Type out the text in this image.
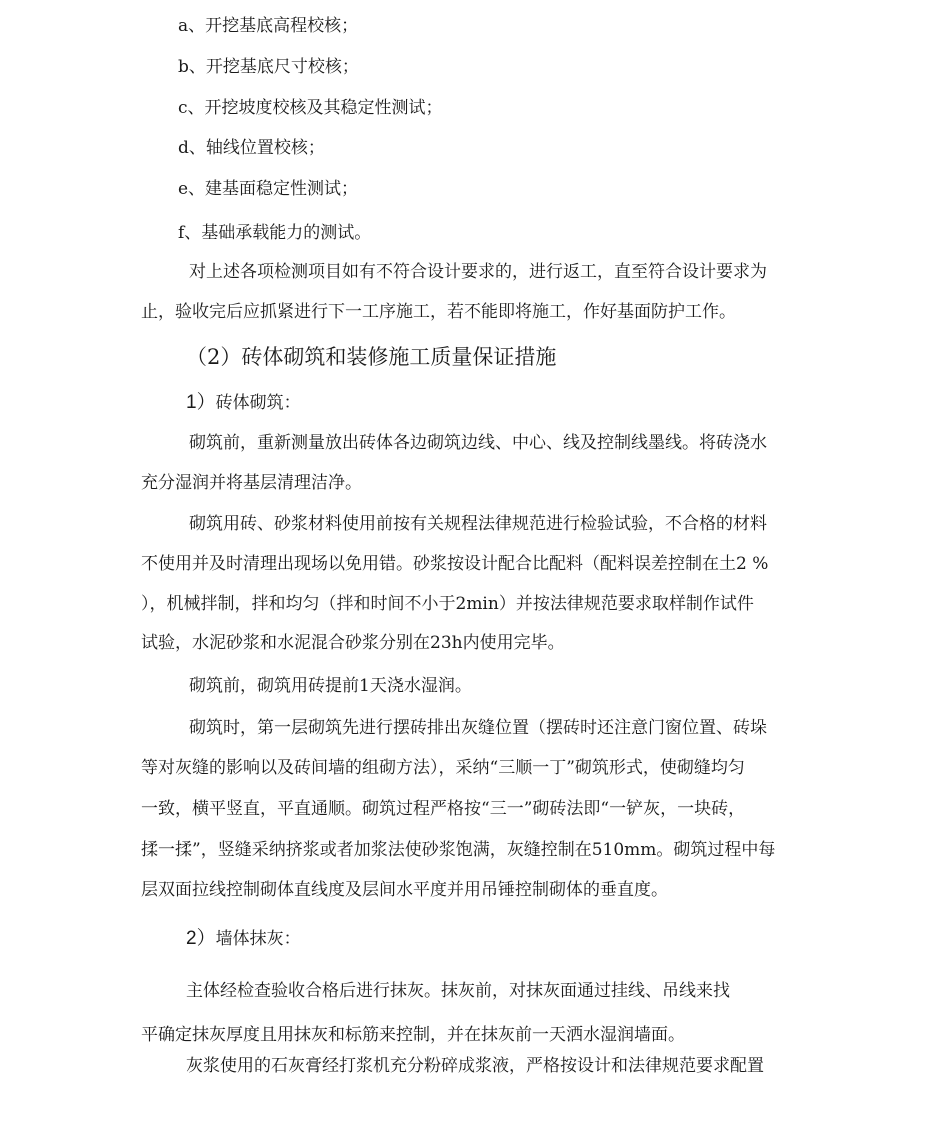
a、开挖基底高程校核；
b、开挖基底尺寸校核；
c、开挖坡度校核及其稳定性测试；
d、轴线位置校核；
e、建基面稳定性测试；
f、基础承载能力的测试。
对上述各项检测项目如有不符合设计要求的，进行返工，直至符合设计要求为
止，验收完后应抓紧进行下一工序施工，若不能即将施工，作好基面防护工作。
（2）砖体砌筑和装修施工质量保证措施
1）砖体砌筑：
砌筑前，重新测量放出砖体各边砌筑边线、中心、线及控制线墨线。将砖浇水
充分湿润并将基层清理洁净。
砌筑用砖、砂浆材料使用前按有关规程法律规范进行检验试验，不合格的材料
不使用并及时清理出现场以免用错。砂浆按设计配合比配料（配料误差控制在土2 %
），机械拌制，拌和均匀（拌和时间不小于2min）并按法律规范要求取样制作试件
试验，水泥砂浆和水泥混合砂浆分别在23h内使用完毕。
砌筑前，砌筑用砖提前1天浇水湿润。
砌筑时，第一层砌筑先进行摆砖排出灰缝位置（摆砖时还注意门窗位置、砖垛
等对灰缝的影响以及砖间墙的组砌方法），采纳“三顺一丁”砌筑形式，使砌缝均匀
一致，横平竖直，平直通顺。砌筑过程严格按“三一”砌砖法即“一铲灰，一块砖，
揉一揉”，竖缝采纳挤浆或者加浆法使砂浆饱满，灰缝控制在510mm。砌筑过程中每
层双面拉线控制砌体直线度及层间水平度并用吊锤控制砌体的垂直度。
2）墙体抹灰：
主体经检查验收合格后进行抹灰。抹灰前，对抹灰面通过挂线、吊线来找
平确定抹灰厚度且用抹灰和标筋来控制，并在抹灰前一天洒水湿润墙面。
灰浆使用的石灰膏经打浆机充分粉碎成浆液，严格按设计和法律规范要求配置
